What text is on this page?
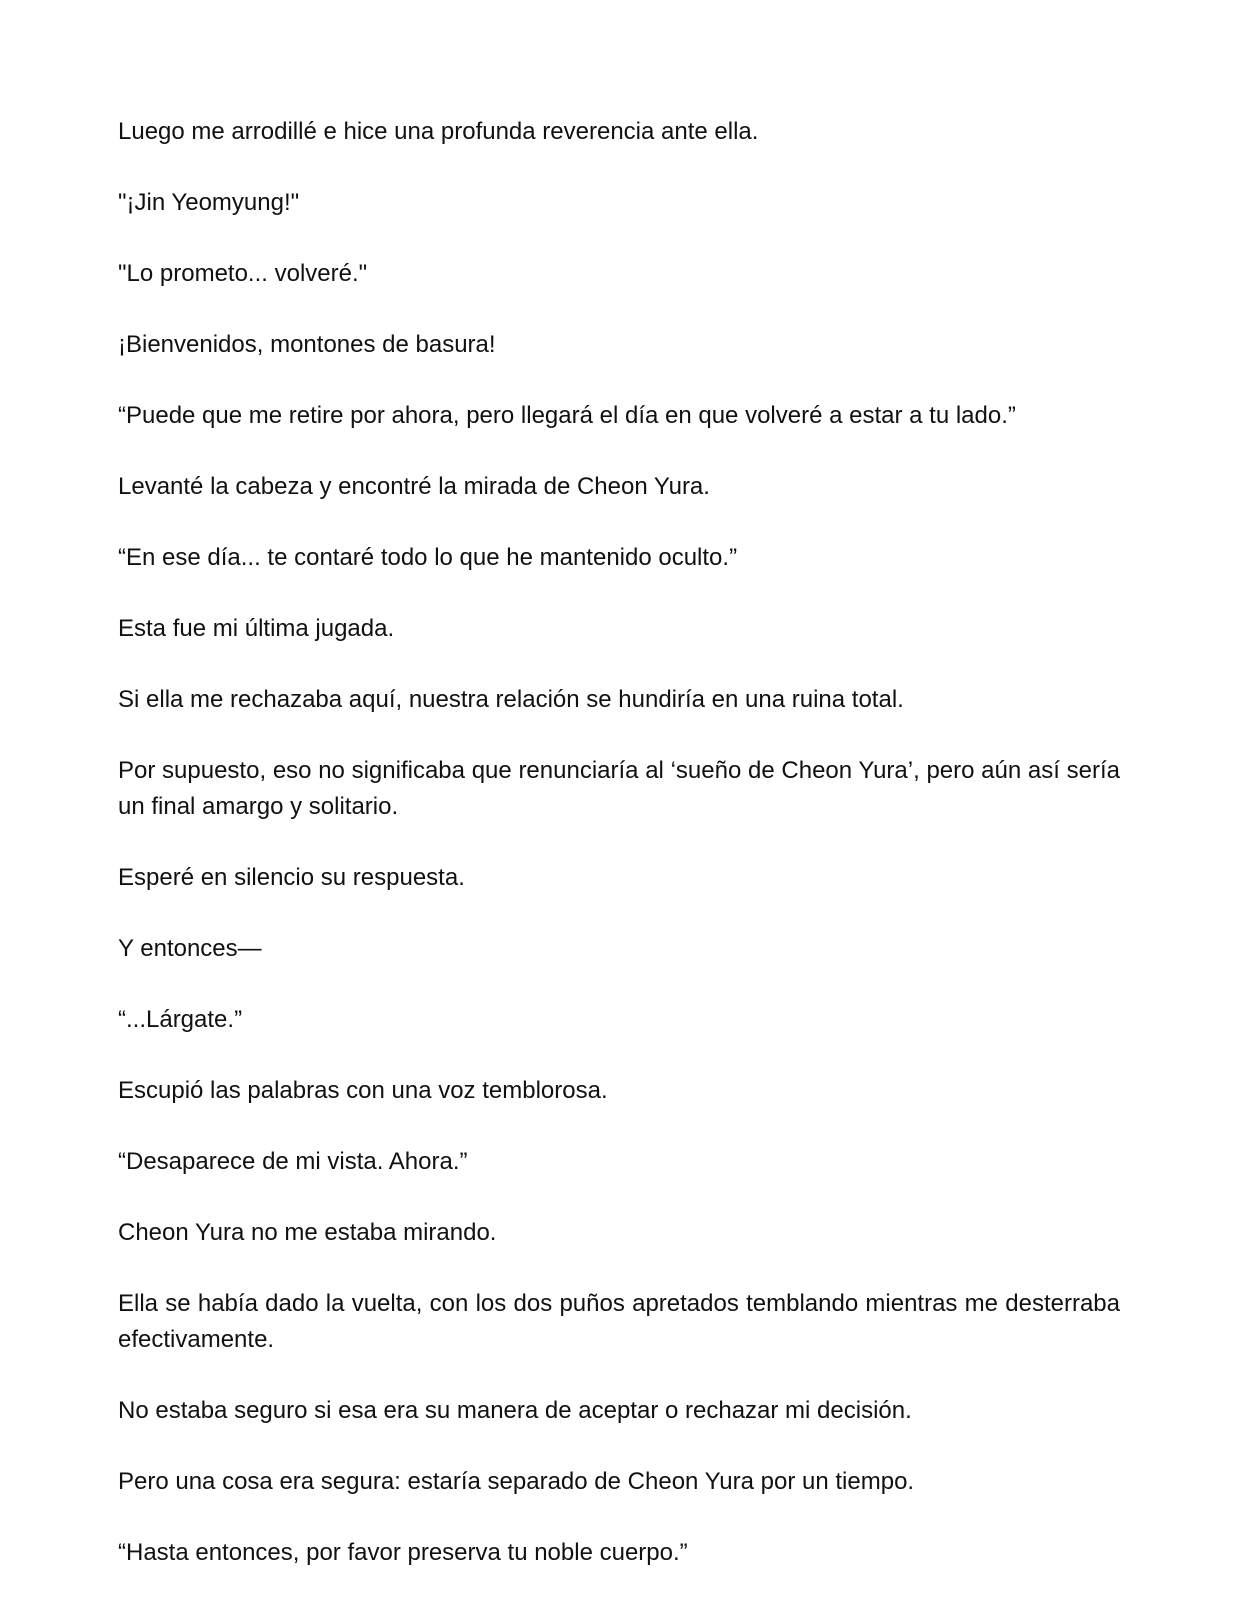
Luego me arrodillé e hice una profunda reverencia ante ella.

"¡Jin Yeomyung!"

"Lo prometo... volveré."

¡Bienvenidos, montones de basura!

“Puede que me retire por ahora, pero llegará el día en que volveré a estar a tu lado.”

Levanté la cabeza y encontré la mirada de Cheon Yura.

“En ese día... te contaré todo lo que he mantenido oculto.”

Esta fue mi última jugada.

Si ella me rechazaba aquí, nuestra relación se hundiría en una ruina total.

Por supuesto, eso no significaba que renunciaría al ‘sueño de Cheon Yura’, pero aún así sería un final amargo y solitario.

Esperé en silencio su respuesta.

Y entonces—

“...Lárgate.”

Escupió las palabras con una voz temblorosa.

“Desaparece de mi vista. Ahora.”

Cheon Yura no me estaba mirando.

Ella se había dado la vuelta, con los dos puños apretados temblando mientras me desterraba efectivamente.

No estaba seguro si esa era su manera de aceptar o rechazar mi decisión.

Pero una cosa era segura: estaría separado de Cheon Yura por un tiempo.

“Hasta entonces, por favor preserva tu noble cuerpo.”
